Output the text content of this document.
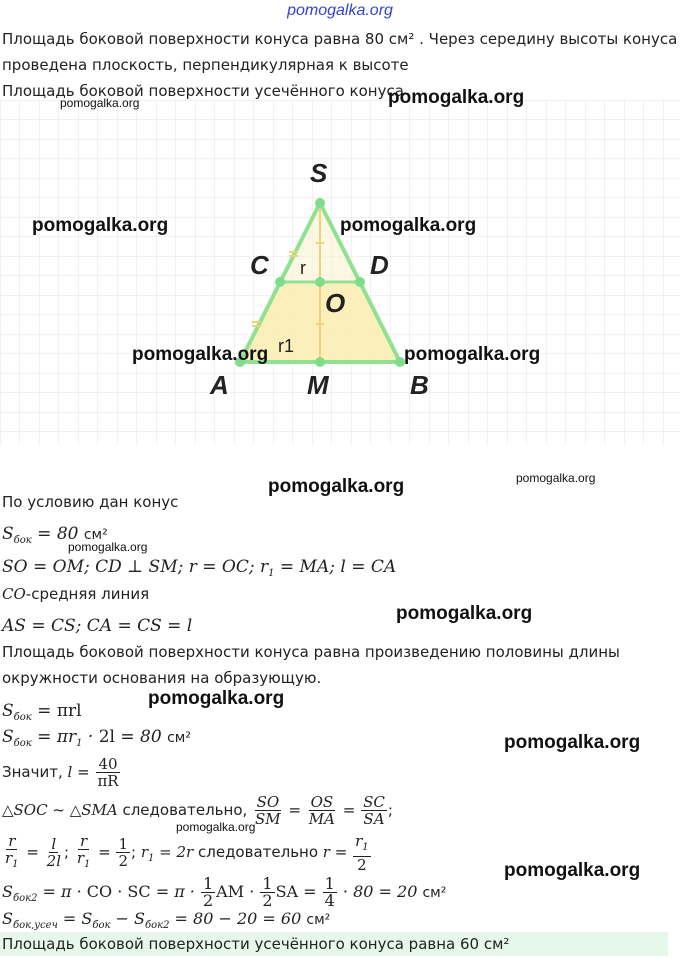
pomogalka.org
Площадь боковой поверхности конуса равна 80 см² . Через середину высоты конуса
проведена плоскость, перпендикулярная к высоте
Площадь боковой поверхности усечённого конуса
S
C	D
O
A	M	B
r
r1
По условию дан конус
$S_{бок} = 80$ см²
SO = OM; CD ⊥ SM; r = OC; $r_1$ = MA; l = CA
CO-средняя линия
AS = CS; CA = CS = l
Площадь боковой поверхности конуса равна произведению половины длины
окружности основания на образующую.
$S_{бок} = \pi rl$
$S_{бок} = \pi r_1 \cdot 2l = 80$ см²
Значит, $l = \frac{40}{\pi R}$
△SOC ~ △SMA следовательно, $\frac{SO}{SM} = \frac{OS}{MA} = \frac{SC}{SA}$ ;
$\frac{r}{r_1} = \frac{l}{2l}$ ; $\frac{r}{r_1} = \frac{1}{2}$ ; $r_1 = 2r$ следовательно $r = \frac{r_1}{2}$
$S_{бок2} = \pi$ · CO · SC = $\pi \cdot \frac{1}{2}$ AM · $\frac{1}{2}$ SA = $\frac{1}{4} \cdot 80 = 20$ см²
$S_{бок,усеч} = S_{бок} - S_{бок2} = 80 - 20 = 60$ см²
Площадь боковой поверхности усечённого конуса равна 60 см²
pomogalka.org	pomogalka.org
pomogalka.org	pomogalka.org
pomogalka.org	pomogalka.org
pomogalka.org	pomogalka.org
pomogalka.org
pomogalka.org
pomogalka.org
pomogalka.org
pomogalka.org
pomogalka.org
